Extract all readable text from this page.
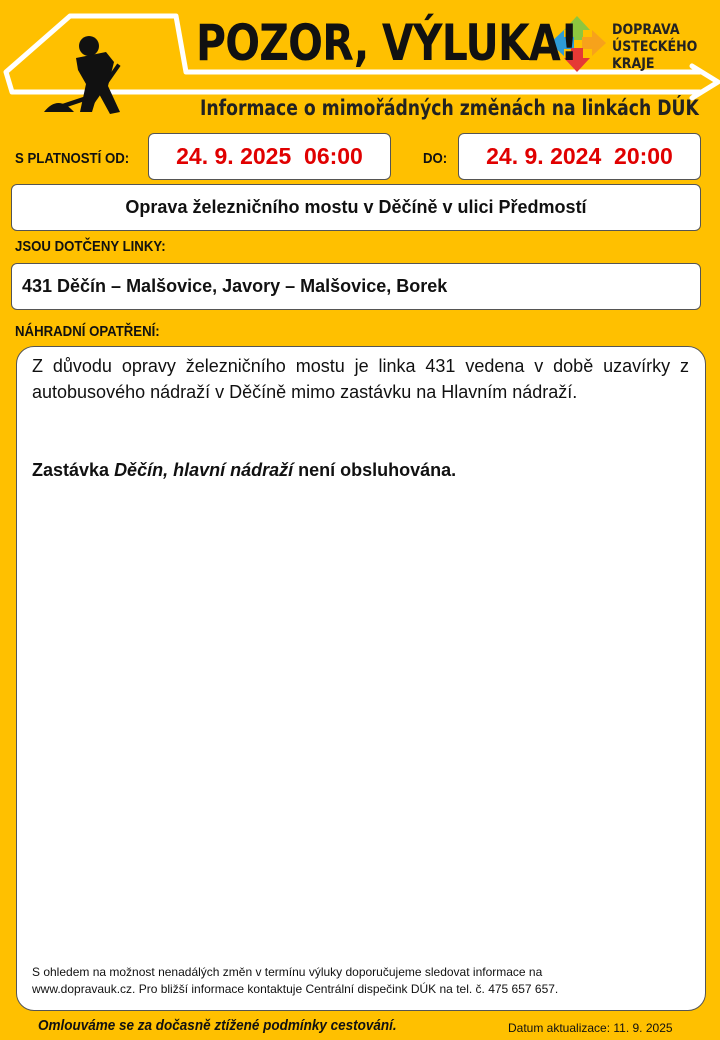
POZOR, VÝLUKA!
Informace o mimořádných změnách na linkách DÚK
DOPRAVA
ÚSTECKÉHO
KRAJE
S PLATNOSTÍ OD:	24. 9. 2025  06:00	DO:	24. 9. 2024  20:00
Oprava železničního mostu v Děčíně v ulici Předmostí
JSOU DOTČENY LINKY:
431 Děčín – Malšovice, Javory – Malšovice, Borek
NÁHRADNÍ OPATŘENÍ:
Z důvodu opravy železničního mostu je linka 431 vedena v době uzavírky z autobusového nádraží v Děčíně mimo zastávku na Hlavním nádraží.
Zastávka Děčín, hlavní nádraží není obsluhována.
S ohledem na možnost nenadálých změn v termínu výluky doporučujeme sledovat informace na
www.dopravauk.cz. Pro bližší informace kontaktuje Centrální dispečink DÚK na tel. č. 475 657 657.
Omlouváme se za dočasně ztížené podmínky cestování.	Datum aktualizace: 11. 9. 2025
